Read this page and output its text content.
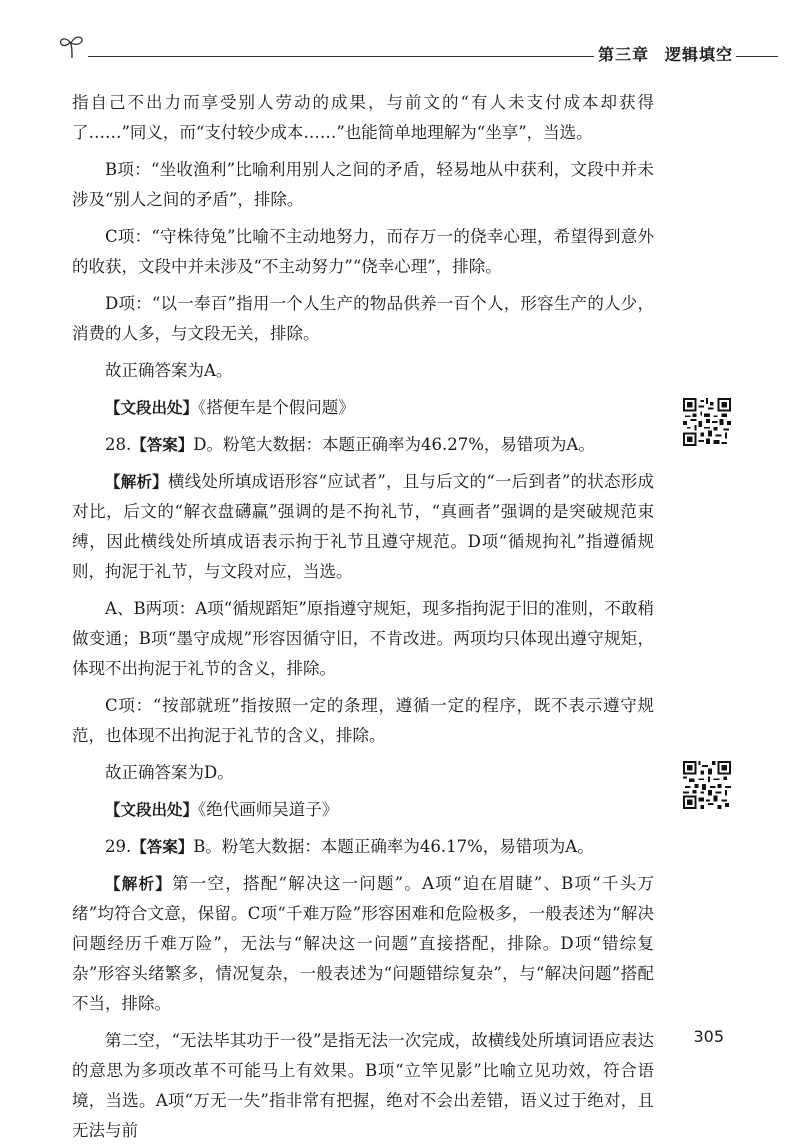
第三章 逻辑填空

指自己不出力而享受别人劳动的成果，与前文的“有人未支付成本却获得了……”同义，而“支付较少成本……”也能简单地理解为“坐享”，当选。

B项：“坐收渔利”比喻利用别人之间的矛盾，轻易地从中获利，文段中并未涉及“别人之间的矛盾”，排除。

C项：“守株待兔”比喻不主动地努力，而存万一的侥幸心理，希望得到意外的收获，文段中并未涉及“不主动努力”“侥幸心理”，排除。

D项：“以一奉百”指用一个人生产的物品供养一百个人，形容生产的人少，消费的人多，与文段无关，排除。

故正确答案为A。

【文段出处】《搭便车是个假问题》

28.【答案】D。粉笔大数据：本题正确率为46.27%，易错项为A。

【解析】横线处所填成语形容“应试者”，且与后文的“一后到者”的状态形成对比，后文的“解衣盘礴赢”强调的是不拘礼节，“真画者”强调的是突破规范束缚，因此横线处所填成语表示拘于礼节且遵守规范。D项“循规拘礼”指遵循规则，拘泥于礼节，与文段对应，当选。

A、B两项：A项“循规蹈矩”原指遵守规矩，现多指拘泥于旧的准则，不敢稍做变通；B项“墨守成规”形容因循守旧，不肯改进。两项均只体现出遵守规矩，体现不出拘泥于礼节的含义，排除。

C项：“按部就班”指按照一定的条理，遵循一定的程序，既不表示遵守规范，也体现不出拘泥于礼节的含义，排除。

故正确答案为D。

【文段出处】《绝代画师吴道子》

29.【答案】B。粉笔大数据：本题正确率为46.17%，易错项为A。

【解析】第一空，搭配“解决这一问题”。A项“迫在眉睫”、B项“千头万绪”均符合文意，保留。C项“千难万险”形容困难和危险极多，一般表述为“解决问题经历千难万险”，无法与“解决这一问题”直接搭配，排除。D项“错综复杂”形容头绪繁多，情况复杂，一般表述为“问题错综复杂”，与“解决问题”搭配不当，排除。

第二空，“无法毕其功于一役”是指无法一次完成，故横线处所填词语应表达的意思为多项改革不可能马上有效果。B项“立竿见影”比喻立见功效，符合语境，当选。A项“万无一失”指非常有把握，绝对不会出差错，语义过于绝对，且无法与前

305
